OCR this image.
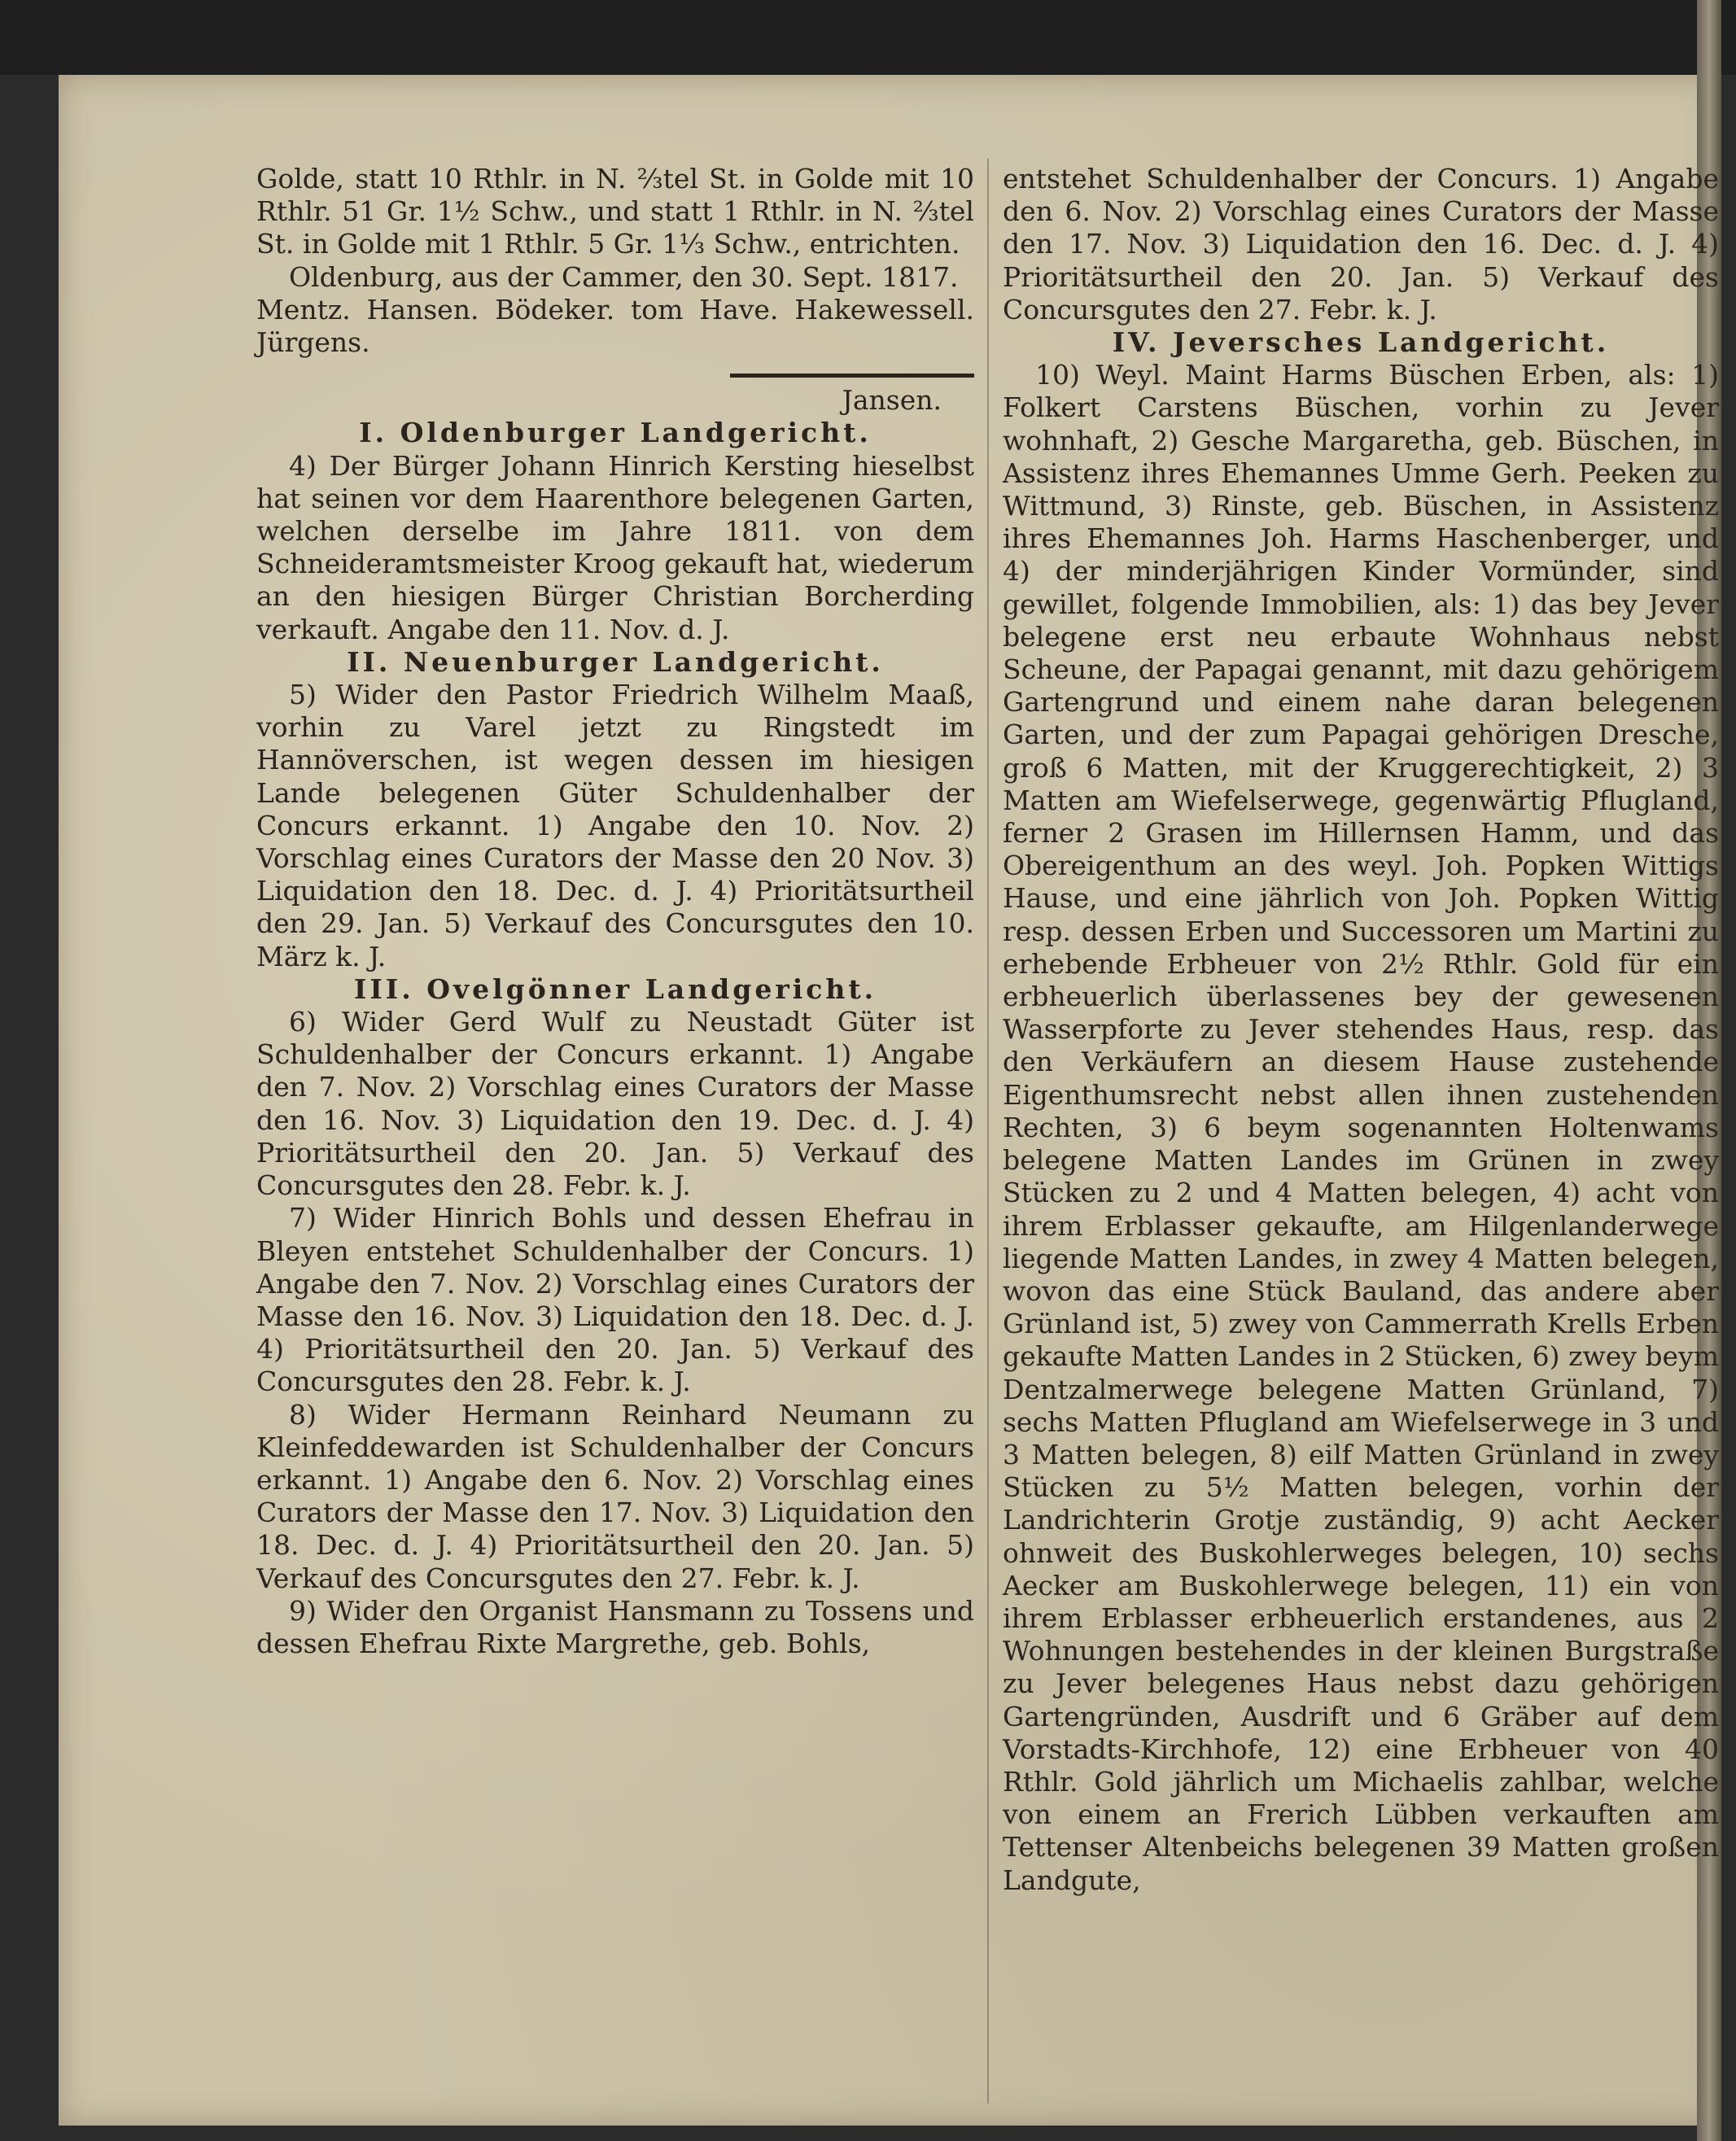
Golde, statt 10 Rthlr. in N. ⅔tel St. in Golde mit 10 Rthlr. 51 Gr. 1½ Schw., und statt 1 Rthlr. in N. ⅔tel St. in Golde mit 1 Rthlr. 5 Gr. 1⅓ Schw., entrichten.

Oldenburg, aus der Cammer, den 30. Sept. 1817.

Mentz. Hansen. Bödeker. tom Have. Hakewessell. Jürgens.

Jansen.

I. Oldenburger Landgericht.

4) Der Bürger Johann Hinrich Kersting hieselbst hat seinen vor dem Haarenthore belegenen Garten, welchen derselbe im Jahre 1811. von dem Schneideramtsmeister Kroog gekauft hat, wiederum an den hiesigen Bürger Christian Borcherding verkauft. Angabe den 11. Nov. d. J.

II. Neuenburger Landgericht.

5) Wider den Pastor Friedrich Wilhelm Maaß, vorhin zu Varel jetzt zu Ringstedt im Hannöverschen, ist wegen dessen im hiesigen Lande belegenen Güter Schuldenhalber der Concurs erkannt. 1) Angabe den 10. Nov. 2) Vorschlag eines Curators der Masse den 20 Nov. 3) Liquidation den 18. Dec. d. J. 4) Prioritätsurtheil den 29. Jan. 5) Verkauf des Concursgutes den 10. März k. J.

III. Ovelgönner Landgericht.

6) Wider Gerd Wulf zu Neustadt Güter ist Schuldenhalber der Concurs erkannt. 1) Angabe den 7. Nov. 2) Vorschlag eines Curators der Masse den 16. Nov. 3) Liquidation den 19. Dec. d. J. 4) Prioritätsurtheil den 20. Jan. 5) Verkauf des Concursgutes den 28. Febr. k. J.

7) Wider Hinrich Bohls und dessen Ehefrau in Bleyen entstehet Schuldenhalber der Concurs. 1) Angabe den 7. Nov. 2) Vorschlag eines Curators der Masse den 16. Nov. 3) Liquidation den 18. Dec. d. J. 4) Prioritätsurtheil den 20. Jan. 5) Verkauf des Concursgutes den 28. Febr. k. J.

8) Wider Hermann Reinhard Neumann zu Kleinfeddewarden ist Schuldenhalber der Concurs erkannt. 1) Angabe den 6. Nov. 2) Vorschlag eines Curators der Masse den 17. Nov. 3) Liquidation den 18. Dec. d. J. 4) Prioritätsurtheil den 20. Jan. 5) Verkauf des Concursgutes den 27. Febr. k. J.

9) Wider den Organist Hansmann zu Tossens und dessen Ehefrau Rixte Margrethe, geb. Bohls,

entstehet Schuldenhalber der Concurs. 1) Angabe den 6. Nov. 2) Vorschlag eines Curators der Masse den 17. Nov. 3) Liquidation den 16. Dec. d. J. 4) Prioritätsurtheil den 20. Jan. 5) Verkauf des Concursgutes den 27. Febr. k. J.

IV. Jeversches Landgericht.

10) Weyl. Maint Harms Büschen Erben, als: 1) Folkert Carstens Büschen, vorhin zu Jever wohnhaft, 2) Gesche Margaretha, geb. Büschen, in Assistenz ihres Ehemannes Umme Gerh. Peeken zu Wittmund, 3) Rinste, geb. Büschen, in Assistenz ihres Ehemannes Joh. Harms Haschenberger, und 4) der minderjährigen Kinder Vormünder, sind gewillet, folgende Immobilien, als: 1) das bey Jever belegene erst neu erbaute Wohnhaus nebst Scheune, der Papagai genannt, mit dazu gehörigem Gartengrund und einem nahe daran belegenen Garten, und der zum Papagai gehörigen Dresche, groß 6 Matten, mit der Kruggerechtigkeit, 2) 3 Matten am Wiefelserwege, gegenwärtig Pflugland, ferner 2 Grasen im Hillernsen Hamm, und das Obereigenthum an des weyl. Joh. Popken Wittigs Hause, und eine jährlich von Joh. Popken Wittig resp. dessen Erben und Successoren um Martini zu erhebende Erbheuer von 2½ Rthlr. Gold für ein erbheuerlich überlassenes bey der gewesenen Wasserpforte zu Jever stehendes Haus, resp. das den Verkäufern an diesem Hause zustehende Eigenthumsrecht nebst allen ihnen zustehenden Rechten, 3) 6 beym sogenannten Holtenwams belegene Matten Landes im Grünen in zwey Stücken zu 2 und 4 Matten belegen, 4) acht von ihrem Erblasser gekaufte, am Hilgenlanderwege liegende Matten Landes, in zwey 4 Matten belegen, wovon das eine Stück Bauland, das andere aber Grünland ist, 5) zwey von Cammerrath Krells Erben gekaufte Matten Landes in 2 Stücken, 6) zwey beym Dentzalmerwege belegene Matten Grünland, 7) sechs Matten Pflugland am Wiefelserwege in 3 und 3 Matten belegen, 8) eilf Matten Grünland in zwey Stücken zu 5½ Matten belegen, vorhin der Landrichterin Grotje zuständig, 9) acht Aecker ohnweit des Buskohlerweges belegen, 10) sechs Aecker am Buskohlerwege belegen, 11) ein von ihrem Erblasser erbheuerlich erstandenes, aus 2 Wohnungen bestehendes in der kleinen Burgstraße zu Jever belegenes Haus nebst dazu gehörigen Gartengründen, Ausdrift und 6 Gräber auf dem Vorstadts-Kirchhofe, 12) eine Erbheuer von 40 Rthlr. Gold jährlich um Michaelis zahlbar, welche von einem an Frerich Lübben verkauften am Tettenser Altenbeichs belegenen 39 Matten großen Landgute,
